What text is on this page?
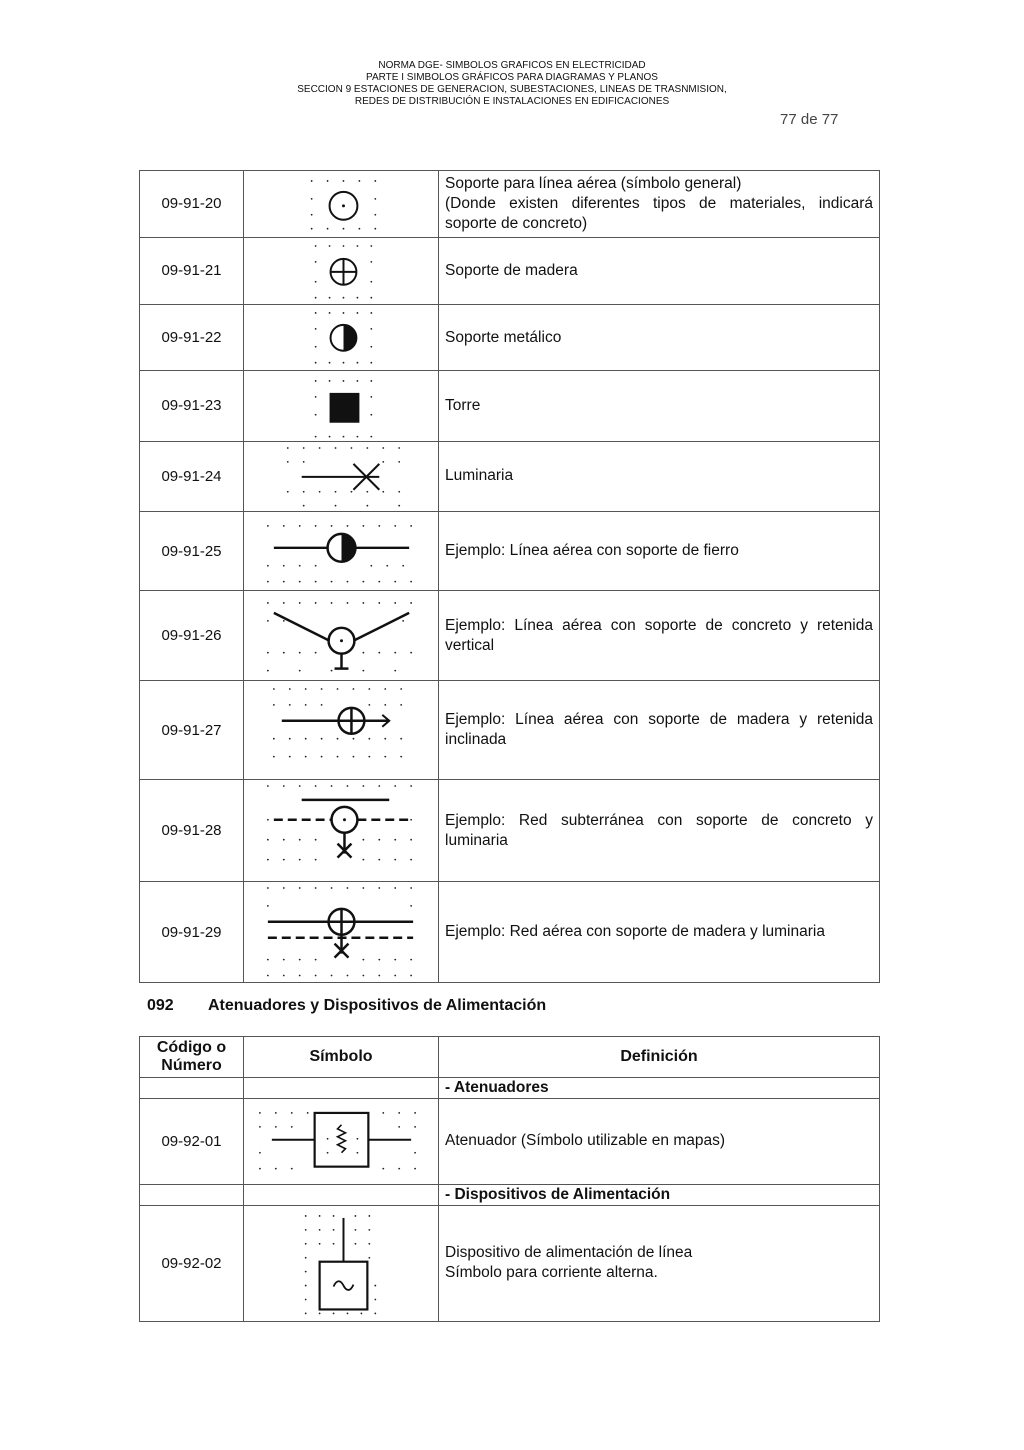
NORMA DGE- SIMBOLOS GRAFICOS EN ELECTRICIDAD
PARTE I SIMBOLOS GRÁFICOS PARA DIAGRAMAS Y PLANOS
SECCION 9 ESTACIONES DE GENERACION, SUBESTACIONES, LINEAS DE TRASNMISION,
REDES DE DISTRIBUCIÓN E INSTALACIONES EN EDIFICACIONES
77 de 77
09-91-20		Soporte para línea aérea (símbolo general)
(Donde existen diferentes tipos de materiales, indicará soporte de concreto)

09-91-21		Soporte de madera
09-91-22		Soporte metálico
09-91-23		Torre
09-91-24		Luminaria
09-91-25		Ejemplo: Línea aérea con soporte de fierro
09-91-26		Ejemplo: Línea aérea con soporte de concreto y retenida vertical
09-91-27		Ejemplo: Línea aérea con soporte de madera y retenida inclinada
09-91-28		Ejemplo: Red subterránea con soporte de concreto y luminaria
09-91-29		Ejemplo: Red aérea con soporte de madera y luminaria
092 Atenuadores y Dispositivos de Alimentación
Código o Número	Símbolo	Definición
		- Atenuadores
09-92-01		Atenuador (Símbolo utilizable en mapas)
		- Dispositivos de Alimentación
09-92-02		Dispositivo de alimentación de línea
Símbolo para corriente alterna.
